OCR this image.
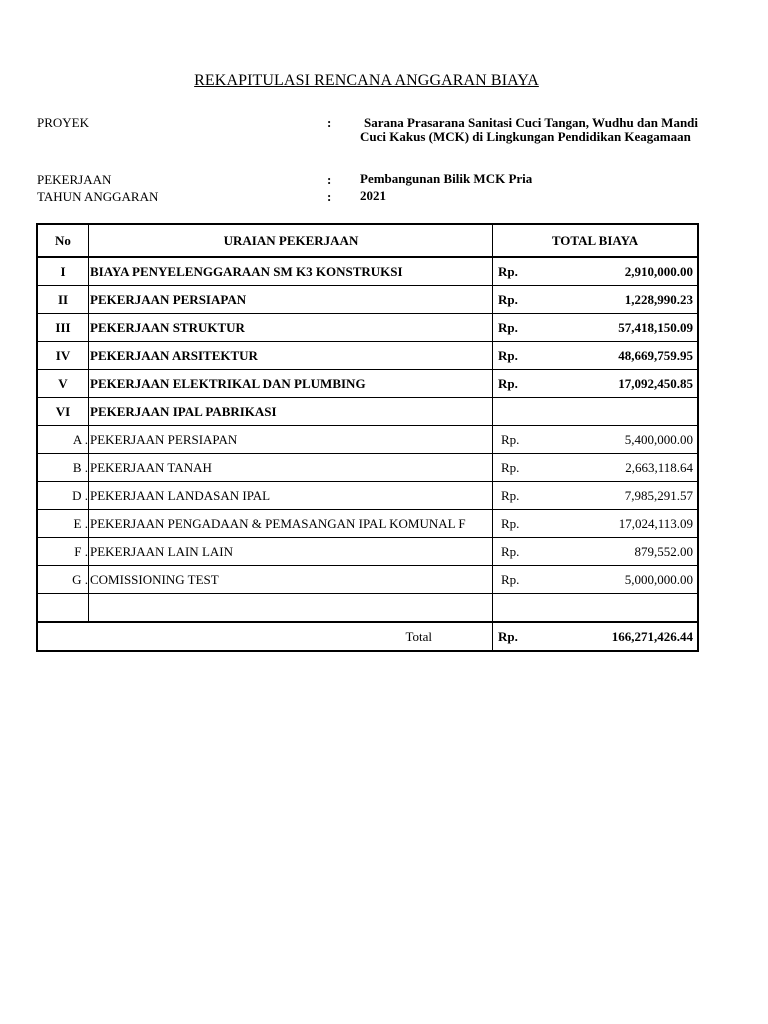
REKAPITULASI RENCANA ANGGARAN BIAYA
PROYEK	:	Sarana Prasarana Sanitasi Cuci Tangan, Wudhu dan Mandi Cuci Kakus (MCK) di Lingkungan Pendidikan Keagamaan
PEKERJAAN	: Pembangunan Bilik MCK Pria
TAHUN ANGGARAN	: 2021
No	URAIAN PEKERJAAN	TOTAL BIAYA
I	BIAYA PENYELENGGARAAN SM K3 KONSTRUKSI	Rp. 2,910,000.00

II	PEKERJAAN PERSIAPAN	Rp. 1,228,990.23

III	PEKERJAAN STRUKTUR	Rp. 57,418,150.09

IV	PEKERJAAN ARSITEKTUR	Rp. 48,669,759.95

V	PEKERJAAN ELEKTRIKAL DAN PLUMBING	Rp. 17,092,450.85

VI	PEKERJAAN IPAL PABRIKASI	
A .	PEKERJAAN PERSIAPAN	Rp. 5,400,000.00

B .	PEKERJAAN TANAH	Rp. 2,663,118.64

D .	PEKERJAAN LANDASAN IPAL	Rp. 7,985,291.57

E .	PEKERJAAN PENGADAAN & PEMASANGAN IPAL KOMUNAL F	Rp. 17,024,113.09

F .	PEKERJAAN LAIN LAIN	Rp. 879,552.00

G .	COMISSIONING TEST	Rp. 5,000,000.00

Total		Rp. 166,271,426.44
